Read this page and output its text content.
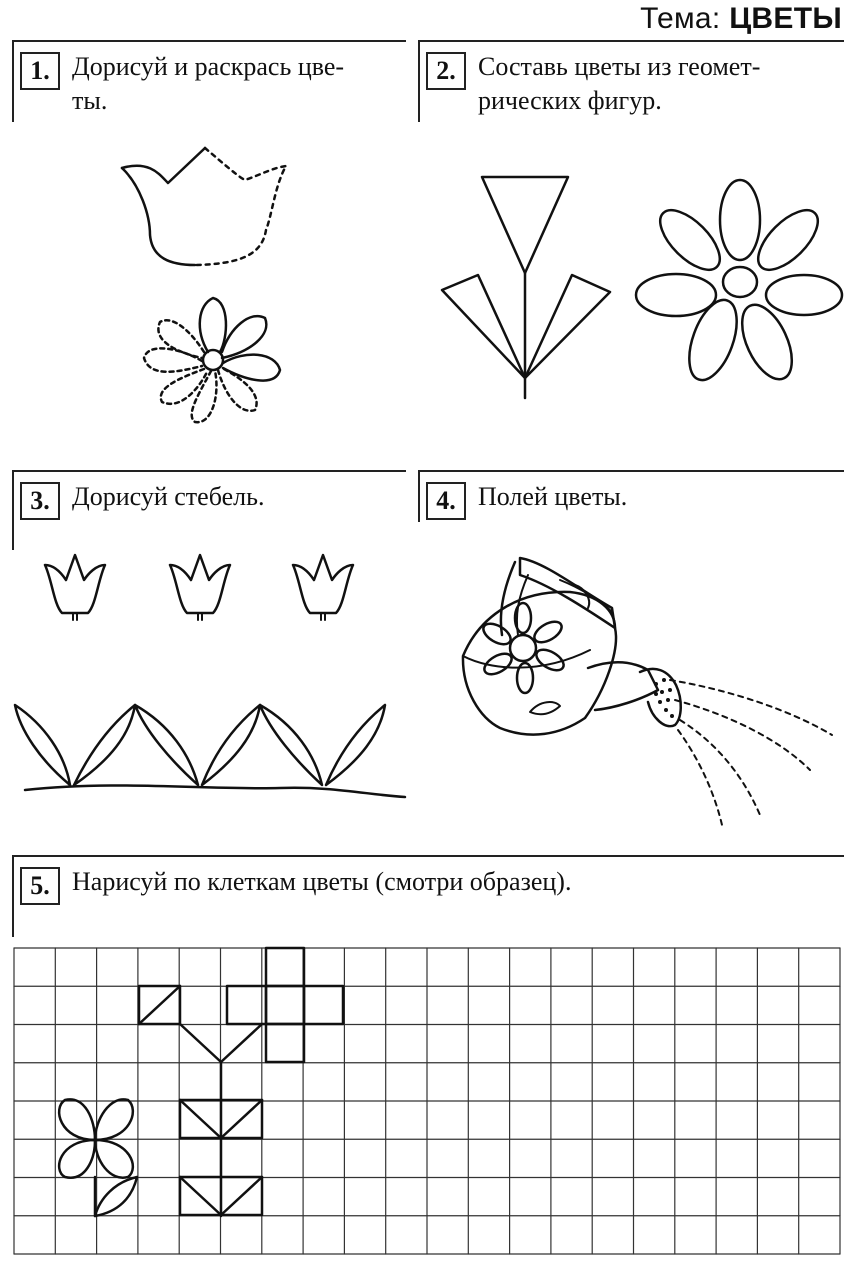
Тема: ЦВЕТЫ
1. Дорисуй и раскрась цве-
ты.
2. Составь цветы из геомет-
рических фигур.
3. Дорисуй стебель.	4. Полей цветы.
5. Нарисуй по клеткам цветы (смотри образец).
